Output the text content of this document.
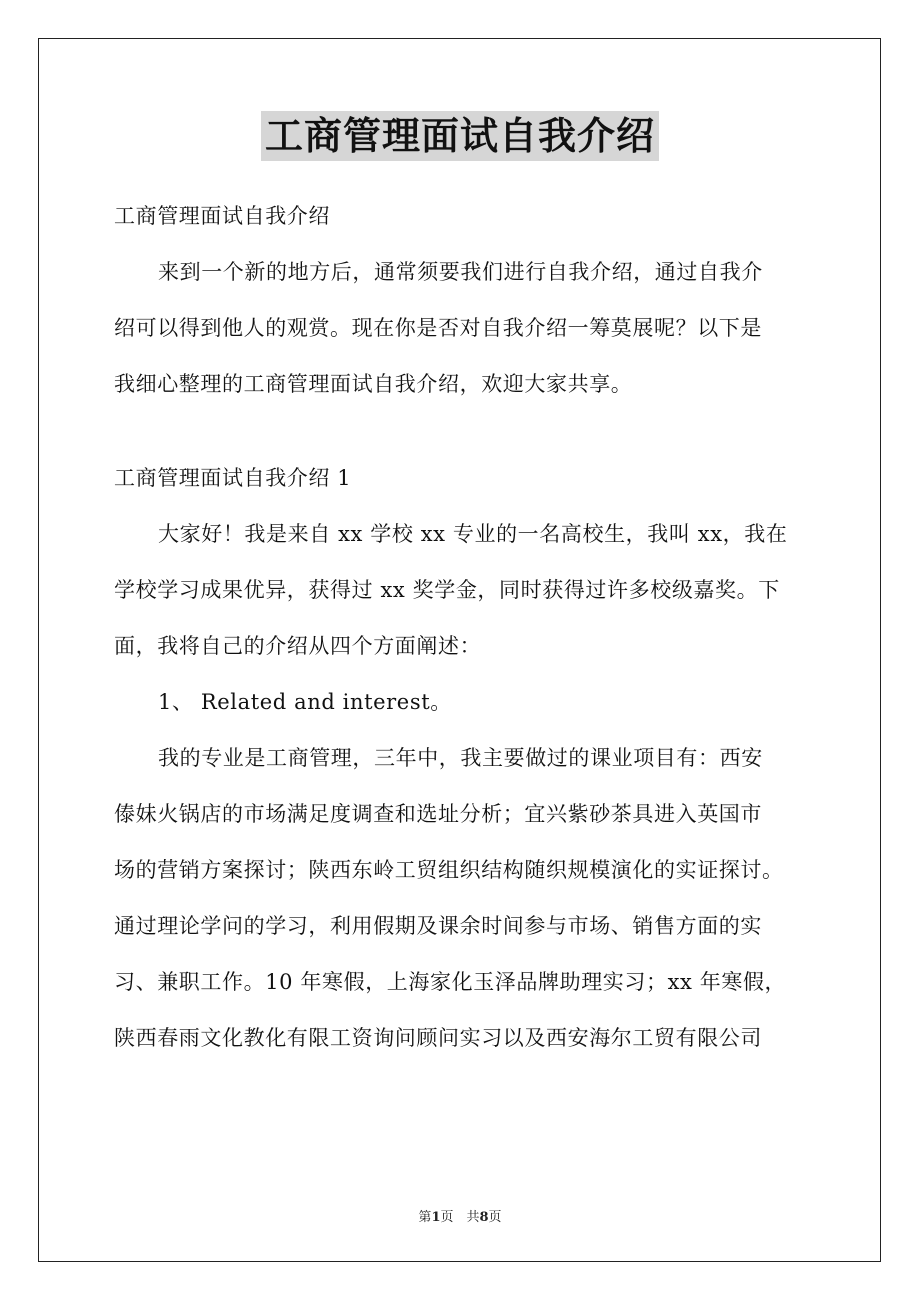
工商管理面试自我介绍
工商管理面试自我介绍
来到一个新的地方后，通常须要我们进行自我介绍，通过自我介
绍可以得到他人的观赏。现在你是否对自我介绍一筹莫展呢？以下是
我细心整理的工商管理面试自我介绍，欢迎大家共享。
工商管理面试自我介绍 1
大家好！我是来自 xx 学校 xx 专业的一名高校生，我叫 xx，我在
学校学习成果优异，获得过 xx 奖学金，同时获得过许多校级嘉奖。下
面，我将自己的介绍从四个方面阐述：
1、 Related and interest。
我的专业是工商管理，三年中，我主要做过的课业项目有：西安
傣妹火锅店的市场满足度调查和选址分析；宜兴紫砂茶具进入英国市
场的营销方案探讨；陕西东岭工贸组织结构随织规模演化的实证探讨。
通过理论学问的学习，利用假期及课余时间参与市场、销售方面的实
习、兼职工作。10 年寒假，上海家化玉泽品牌助理实习；xx 年寒假，
陕西春雨文化教化有限工资询问顾问实习以及西安海尔工贸有限公司
第1页　共8页
